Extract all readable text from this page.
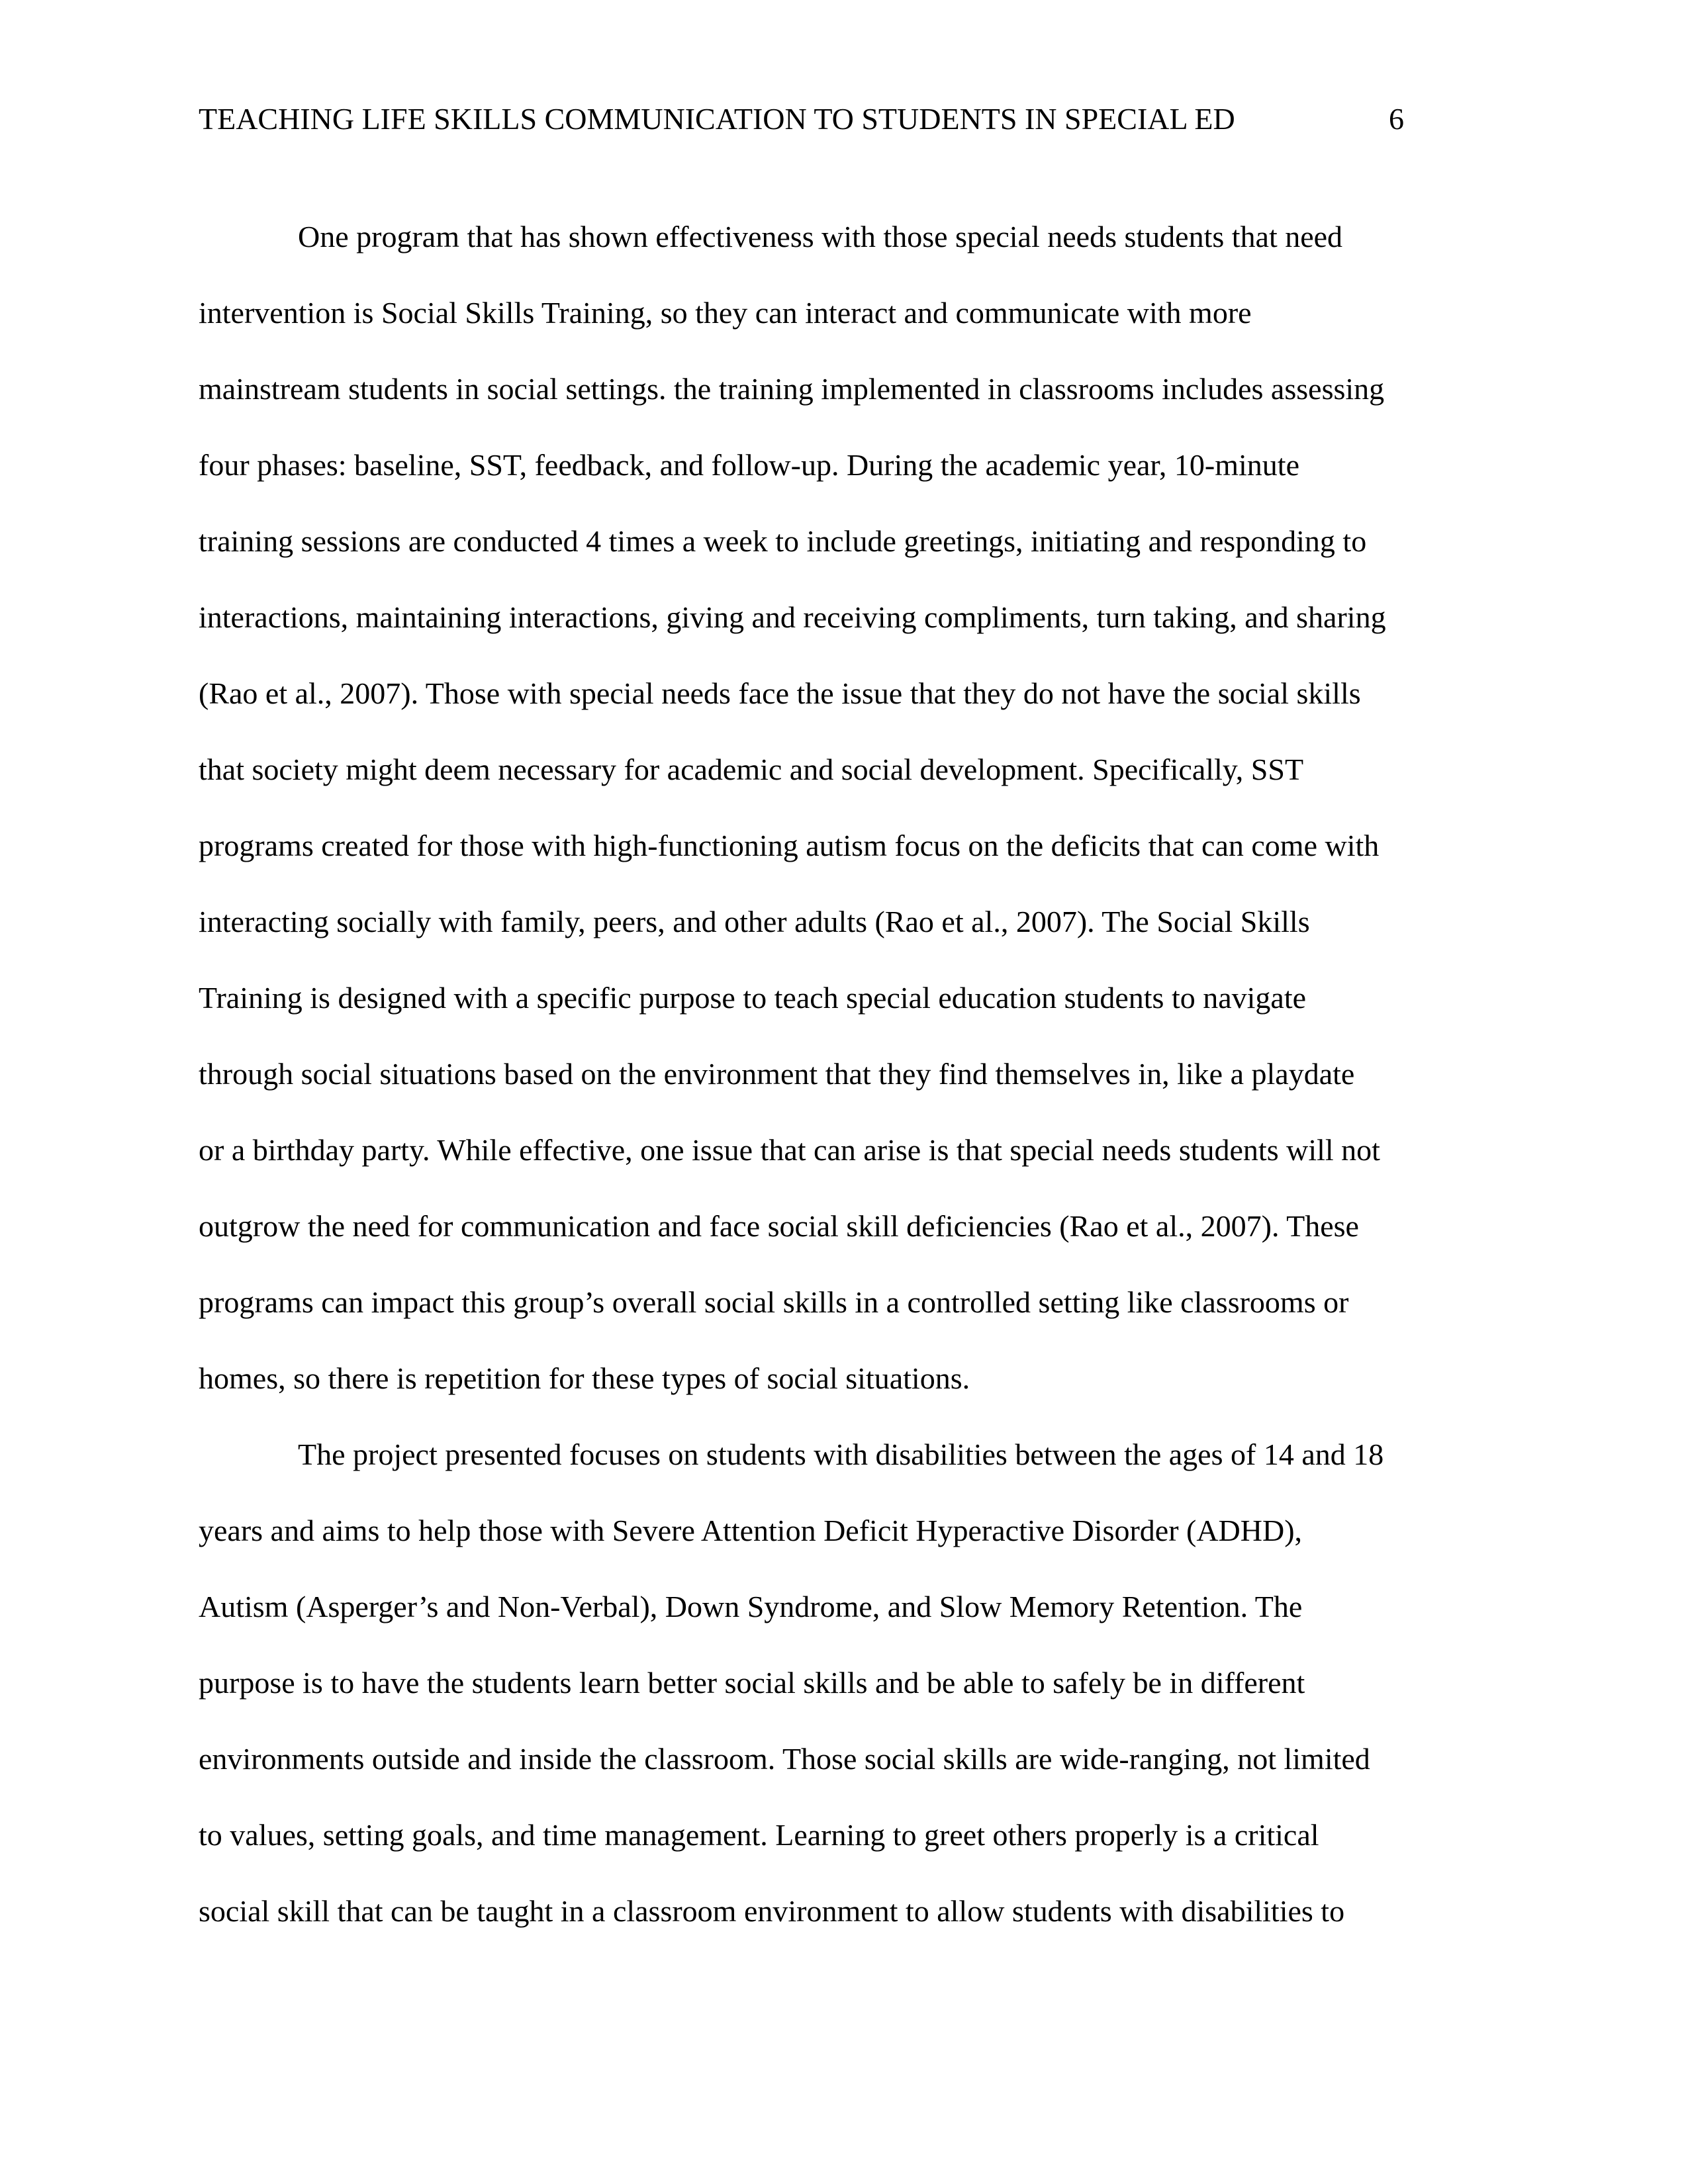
TEACHING LIFE SKILLS COMMUNICATION TO STUDENTS IN SPECIAL ED	6
One program that has shown effectiveness with those special needs students that need
intervention is Social Skills Training, so they can interact and communicate with more
mainstream students in social settings. the training implemented in classrooms includes assessing
four phases: baseline, SST, feedback, and follow-up. During the academic year, 10-minute
training sessions are conducted 4 times a week to include greetings, initiating and responding to
interactions, maintaining interactions, giving and receiving compliments, turn taking, and sharing
(Rao et al., 2007). Those with special needs face the issue that they do not have the social skills
that society might deem necessary for academic and social development. Specifically, SST
programs created for those with high-functioning autism focus on the deficits that can come with
interacting socially with family, peers, and other adults (Rao et al., 2007). The Social Skills
Training is designed with a specific purpose to teach special education students to navigate
through social situations based on the environment that they find themselves in, like a playdate
or a birthday party. While effective, one issue that can arise is that special needs students will not
outgrow the need for communication and face social skill deficiencies (Rao et al., 2007). These
programs can impact this group’s overall social skills in a controlled setting like classrooms or
homes, so there is repetition for these types of social situations.
The project presented focuses on students with disabilities between the ages of 14 and 18
years and aims to help those with Severe Attention Deficit Hyperactive Disorder (ADHD),
Autism (Asperger’s and Non-Verbal), Down Syndrome, and Slow Memory Retention. The
purpose is to have the students learn better social skills and be able to safely be in different
environments outside and inside the classroom. Those social skills are wide-ranging, not limited
to values, setting goals, and time management. Learning to greet others properly is a critical
social skill that can be taught in a classroom environment to allow students with disabilities to
